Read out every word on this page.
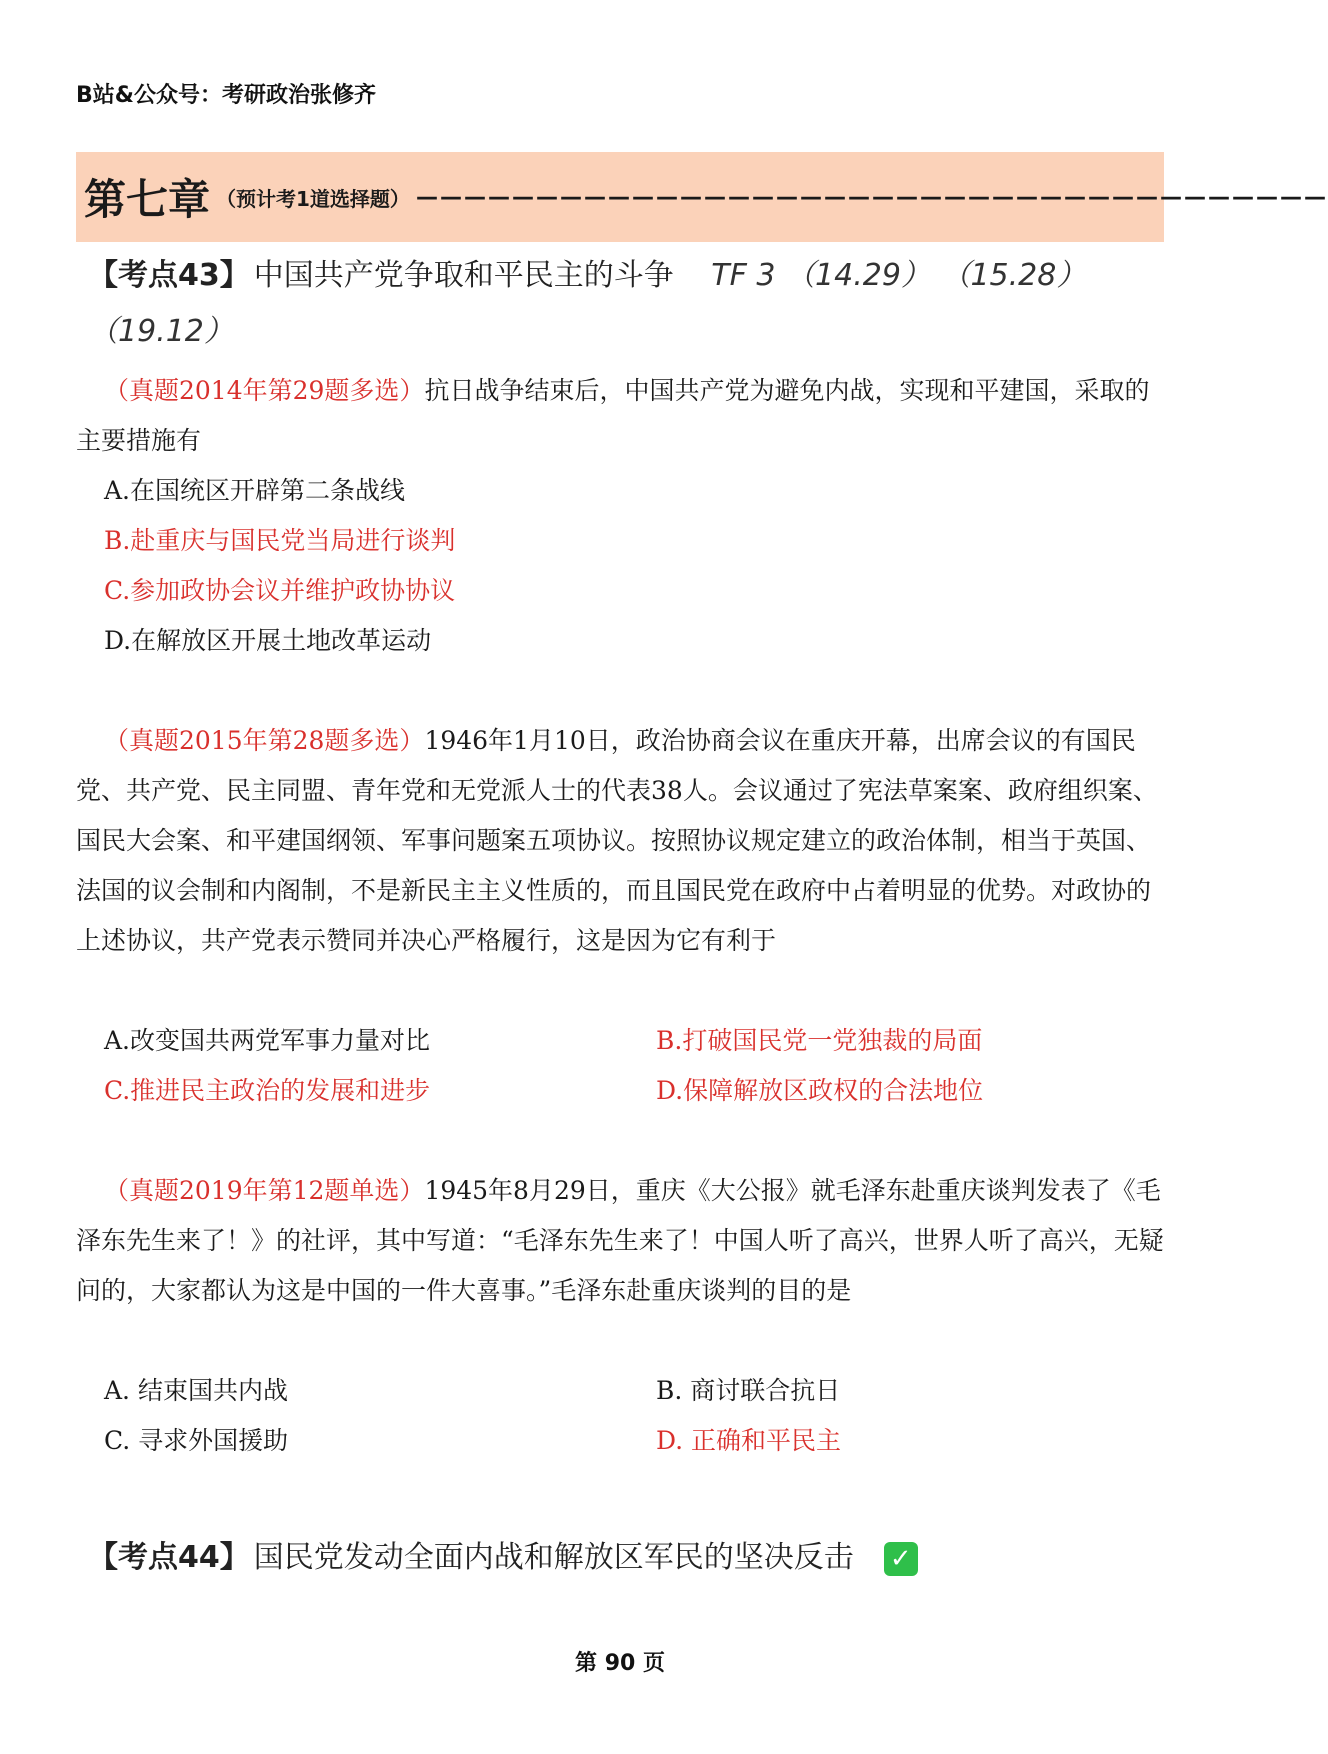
B站&公众号：考研政治张修齐
第七章 （预计考1道选择题） ——————————————————————————————————————
【考点43】 中国共产党争取和平民主的斗争 TF 3 （14.29） （15.28）
（19.12）
（真题2014年第29题多选）抗日战争结束后，中国共产党为避免内战，实现和平建国，采取的主要措施有
A.在国统区开辟第二条战线
B.赴重庆与国民党当局进行谈判
C.参加政协会议并维护政协协议
D.在解放区开展土地改革运动
（真题2015年第28题多选）1946年1月10日，政治协商会议在重庆开幕，出席会议的有国民党、共产党、民主同盟、青年党和无党派人士的代表38人。会议通过了宪法草案案、政府组织案、国民大会案、和平建国纲领、军事问题案五项协议。按照协议规定建立的政治体制，相当于英国、法国的议会制和内阁制，不是新民主主义性质的，而且国民党在政府中占着明显的优势。对政协的上述协议，共产党表示赞同并决心严格履行，这是因为它有利于
A.改变国共两党军事力量对比	B.打破国民党一党独裁的局面
C.推进民主政治的发展和进步	D.保障解放区政权的合法地位
（真题2019年第12题单选）1945年8月29日，重庆《大公报》就毛泽东赴重庆谈判发表了《毛泽东先生来了！》的社评，其中写道：“毛泽东先生来了！中国人听了高兴，世界人听了高兴，无疑问的，大家都认为这是中国的一件大喜事。”毛泽东赴重庆谈判的目的是
A. 结束国共内战	B. 商讨联合抗日
C. 寻求外国援助	D. 正确和平民主
【考点44】 国民党发动全面内战和解放区军民的坚决反击 ✓
第 90 页
